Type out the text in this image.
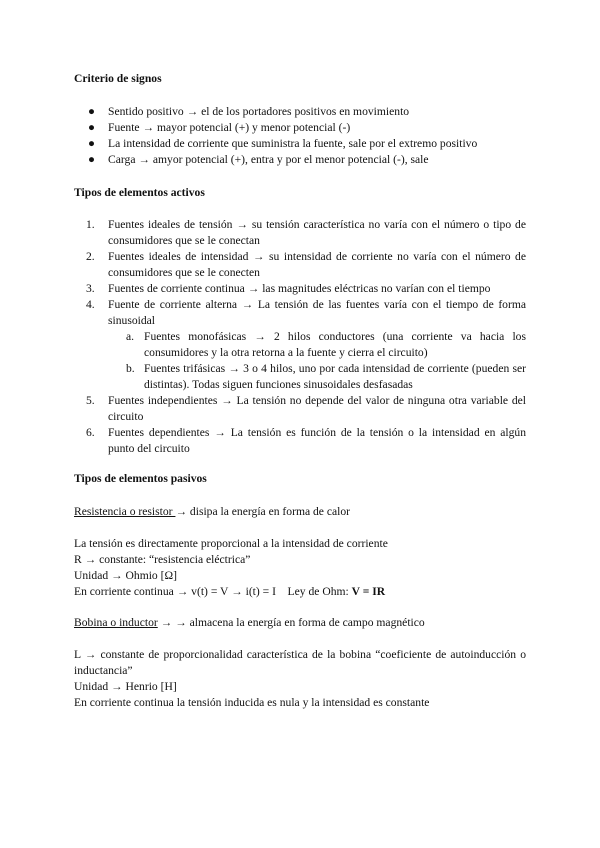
Criterio de signos
● Sentido positivo → el de los portadores positivos en movimiento
● Fuente → mayor potencial (+) y menor potencial (-)
● La intensidad de corriente que suministra la fuente, sale por el extremo positivo
● Carga → amyor potencial (+), entra y por el menor potencial (-), sale
Tipos de elementos activos
1. Fuentes ideales de tensión → su tensión característica no varía con el número o tipo de consumidores que se le conectan
2. Fuentes ideales de intensidad → su intensidad de corriente no varía con el número de consumidores que se le conecten
3. Fuentes de corriente continua → las magnitudes eléctricas no varían con el tiempo
4. Fuente de corriente alterna → La tensión de las fuentes varía con el tiempo de forma sinusoidal
a. Fuentes monofásicas → 2 hilos conductores (una corriente va hacia los consumidores y la otra retorna a la fuente y cierra el circuito)
b. Fuentes trifásicas → 3 o 4 hilos, uno por cada intensidad de corriente (pueden ser distintas). Todas siguen funciones sinusoidales desfasadas
5. Fuentes independientes → La tensión no depende del valor de ninguna otra variable del circuito
6. Fuentes dependientes → La tensión es función de la tensión o la intensidad en algún punto del circuito
Tipos de elementos pasivos
Resistencia o resistor → disipa la energía en forma de calor

La tensión es directamente proporcional a la intensidad de corriente

R → constante: “resistencia eléctrica”

Unidad → Ohmio [Ω]

En corriente continua → v(t) = V → i(t) = I    Ley de Ohm: V = IR

Bobina o inductor → → almacena la energía en forma de campo magnético

L → constante de proporcionalidad característica de la bobina “coeficiente de autoinducción o inductancia”

Unidad → Henrio [H]

En corriente continua la tensión inducida es nula y la intensidad es constante
